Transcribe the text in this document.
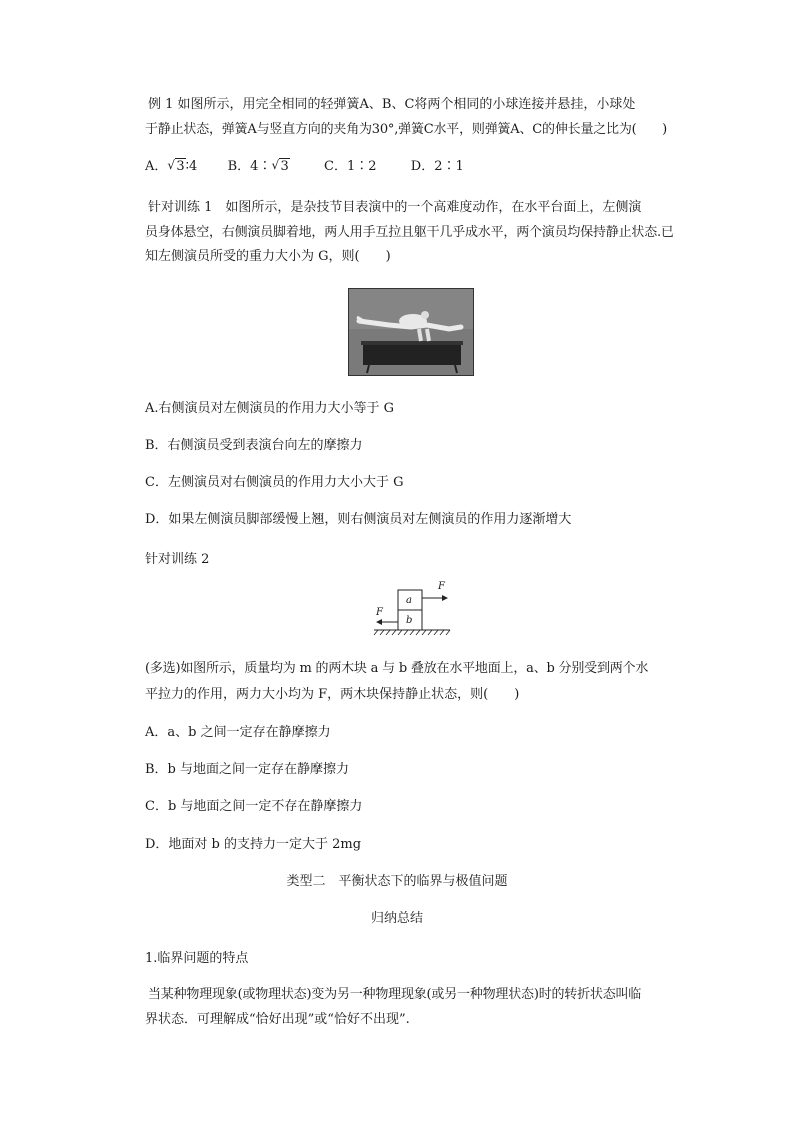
例 1 如图所示，用完全相同的轻弹簧A、B、C将两个相同的小球连接并悬挂，小球处

于静止状态，弹簧A与竖直方向的夹角为30°,弹簧C水平，则弹簧A、C的伸长量之比为(　　)

A． √ 3∶4 B．4∶ √ 3	C．1∶2	D．2∶1

针对训练 1　如图所示，是杂技节目表演中的一个高难度动作，在水平台面上，左侧演

员身体悬空，右侧演员脚着地，两人用手互拉且躯干几乎成水平，两个演员均保持静止状态.已

知左侧演员所受的重力大小为 G，则(　　)

A.右侧演员对左侧演员的作用力大小等于 G

B．右侧演员受到表演台向左的摩擦力

C．左侧演员对右侧演员的作用力大小大于 G

D．如果左侧演员脚部缓慢上翘，则右侧演员对左侧演员的作用力逐渐增大

针对训练 2

a
b
F
F

(多选)如图所示，质量均为 m 的两木块 a 与 b 叠放在水平地面上，a、b 分别受到两个水

平拉力的作用，两力大小均为 F，两木块保持静止状态，则(　　)

A．a、b 之间一定存在静摩擦力

B．b 与地面之间一定存在静摩擦力

C．b 与地面之间一定不存在静摩擦力

D．地面对 b 的支持力一定大于 2mg

类型二　平衡状态下的临界与极值问题

归纳总结

1.临界问题的特点

当某种物理现象(或物理状态)变为另一种物理现象(或另一种物理状态)时的转折状态叫临

界状态．可理解成“恰好出现”或“恰好不出现”.
